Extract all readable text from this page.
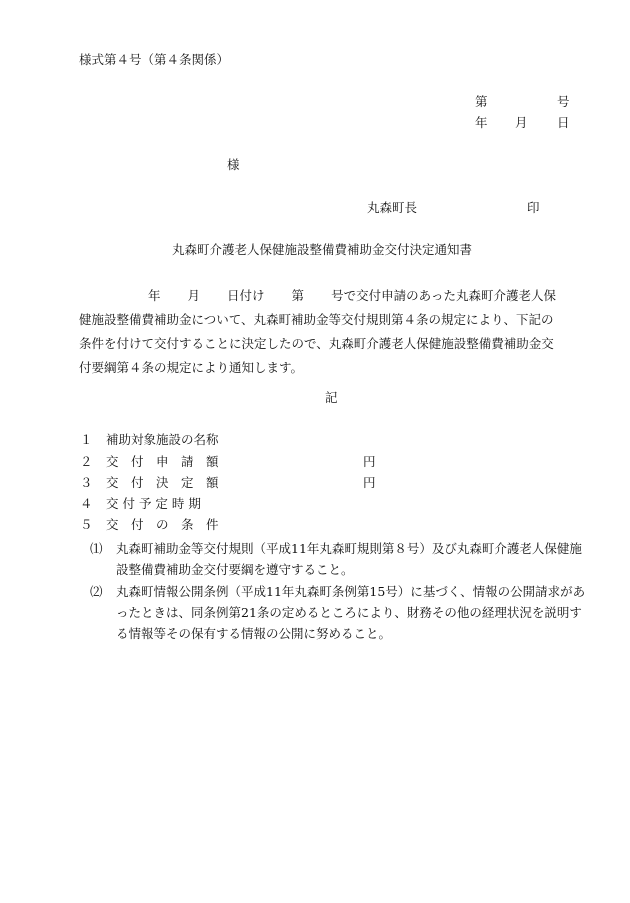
様式第４号（第４条関係）
第	号
年 月 日
様
丸森町長	印
丸森町介護老人保健施設整備費補助金交付決定通知書
年 月 日付け 第 号で交付申請のあった丸森町介護老人保
健施設整備費補助金について、丸森町補助金等交付規則第４条の規定により、下記の
条件を付けて交付することに決定したので、丸森町介護老人保健施設整備費補助金交
付要綱第４条の規定により通知します。
記
１ 補助対象施設の名称
２ 交　付　申　請　額	円
３ 交　付　決　定　額	円
４ 交 付 予 定 時 期
５ 交　付　の　条　件
⑴	丸森町補助金等交付規則（平成11年丸森町規則第８号）及び丸森町介護老人保健施設整備費補助金交付要綱を遵守すること。
⑵	丸森町情報公開条例（平成11年丸森町条例第15号）に基づく、情報の公開請求があったときは、同条例第21条の定めるところにより、財務その他の経理状況を説明する情報等その保有する情報の公開に努めること。
